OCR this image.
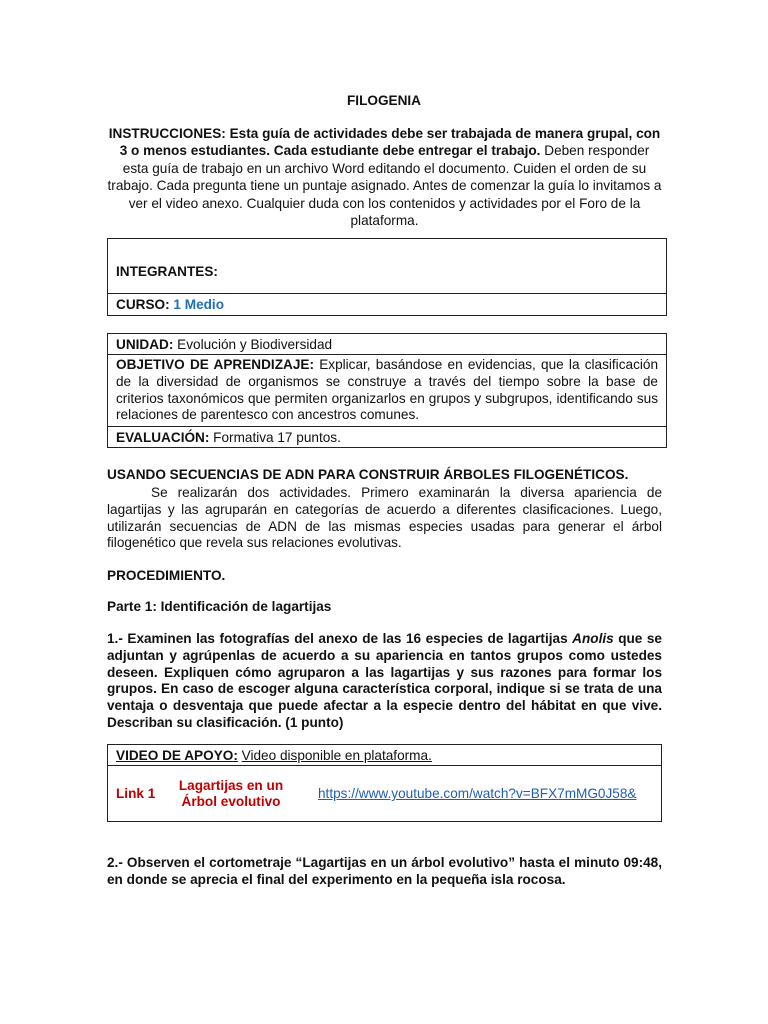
FILOGENIA
INSTRUCCIONES: Esta guía de actividades debe ser trabajada de manera grupal, con 3 o menos estudiantes. Cada estudiante debe entregar el trabajo. Deben responder esta guía de trabajo en un archivo Word editando el documento. Cuiden el orden de su trabajo. Cada pregunta tiene un puntaje asignado. Antes de comenzar la guía lo invitamos a ver el video anexo. Cualquier duda con los contenidos y actividades por el Foro de la plataforma.
INTEGRANTES:
CURSO: 1 Medio
UNIDAD: Evolución y Biodiversidad
OBJETIVO DE APRENDIZAJE: Explicar, basándose en evidencias, que la clasificación de la diversidad de organismos se construye a través del tiempo sobre la base de criterios taxonómicos que permiten organizarlos en grupos y subgrupos, identificando sus relaciones de parentesco con ancestros comunes.
EVALUACIÓN: Formativa 17 puntos.
USANDO SECUENCIAS DE ADN PARA CONSTRUIR ÁRBOLES FILOGENÉTICOS.
Se realizarán dos actividades. Primero examinarán la diversa apariencia de lagartijas y las agruparán en categorías de acuerdo a diferentes clasificaciones. Luego, utilizarán secuencias de ADN de las mismas especies usadas para generar el árbol filogenético que revela sus relaciones evolutivas.
PROCEDIMIENTO.
Parte 1: Identificación de lagartijas
1.- Examinen las fotografías del anexo de las 16 especies de lagartijas Anolis que se adjuntan y agrúpenlas de acuerdo a su apariencia en tantos grupos como ustedes deseen. Expliquen cómo agruparon a las lagartijas y sus razones para formar los grupos. En caso de escoger alguna característica corporal, indique si se trata de una ventaja o desventaja que puede afectar a la especie dentro del hábitat en que vive. Describan su clasificación. (1 punto)
VIDEO DE APOYO: Video disponible en plataforma.
Link 1	Lagartijas en un Árbol evolutivo	https://www.youtube.com/watch?v=BFX7mMG0J58&
2.- Observen el cortometraje “Lagartijas en un árbol evolutivo” hasta el minuto 09:48, en donde se aprecia el final del experimento en la pequeña isla rocosa.
